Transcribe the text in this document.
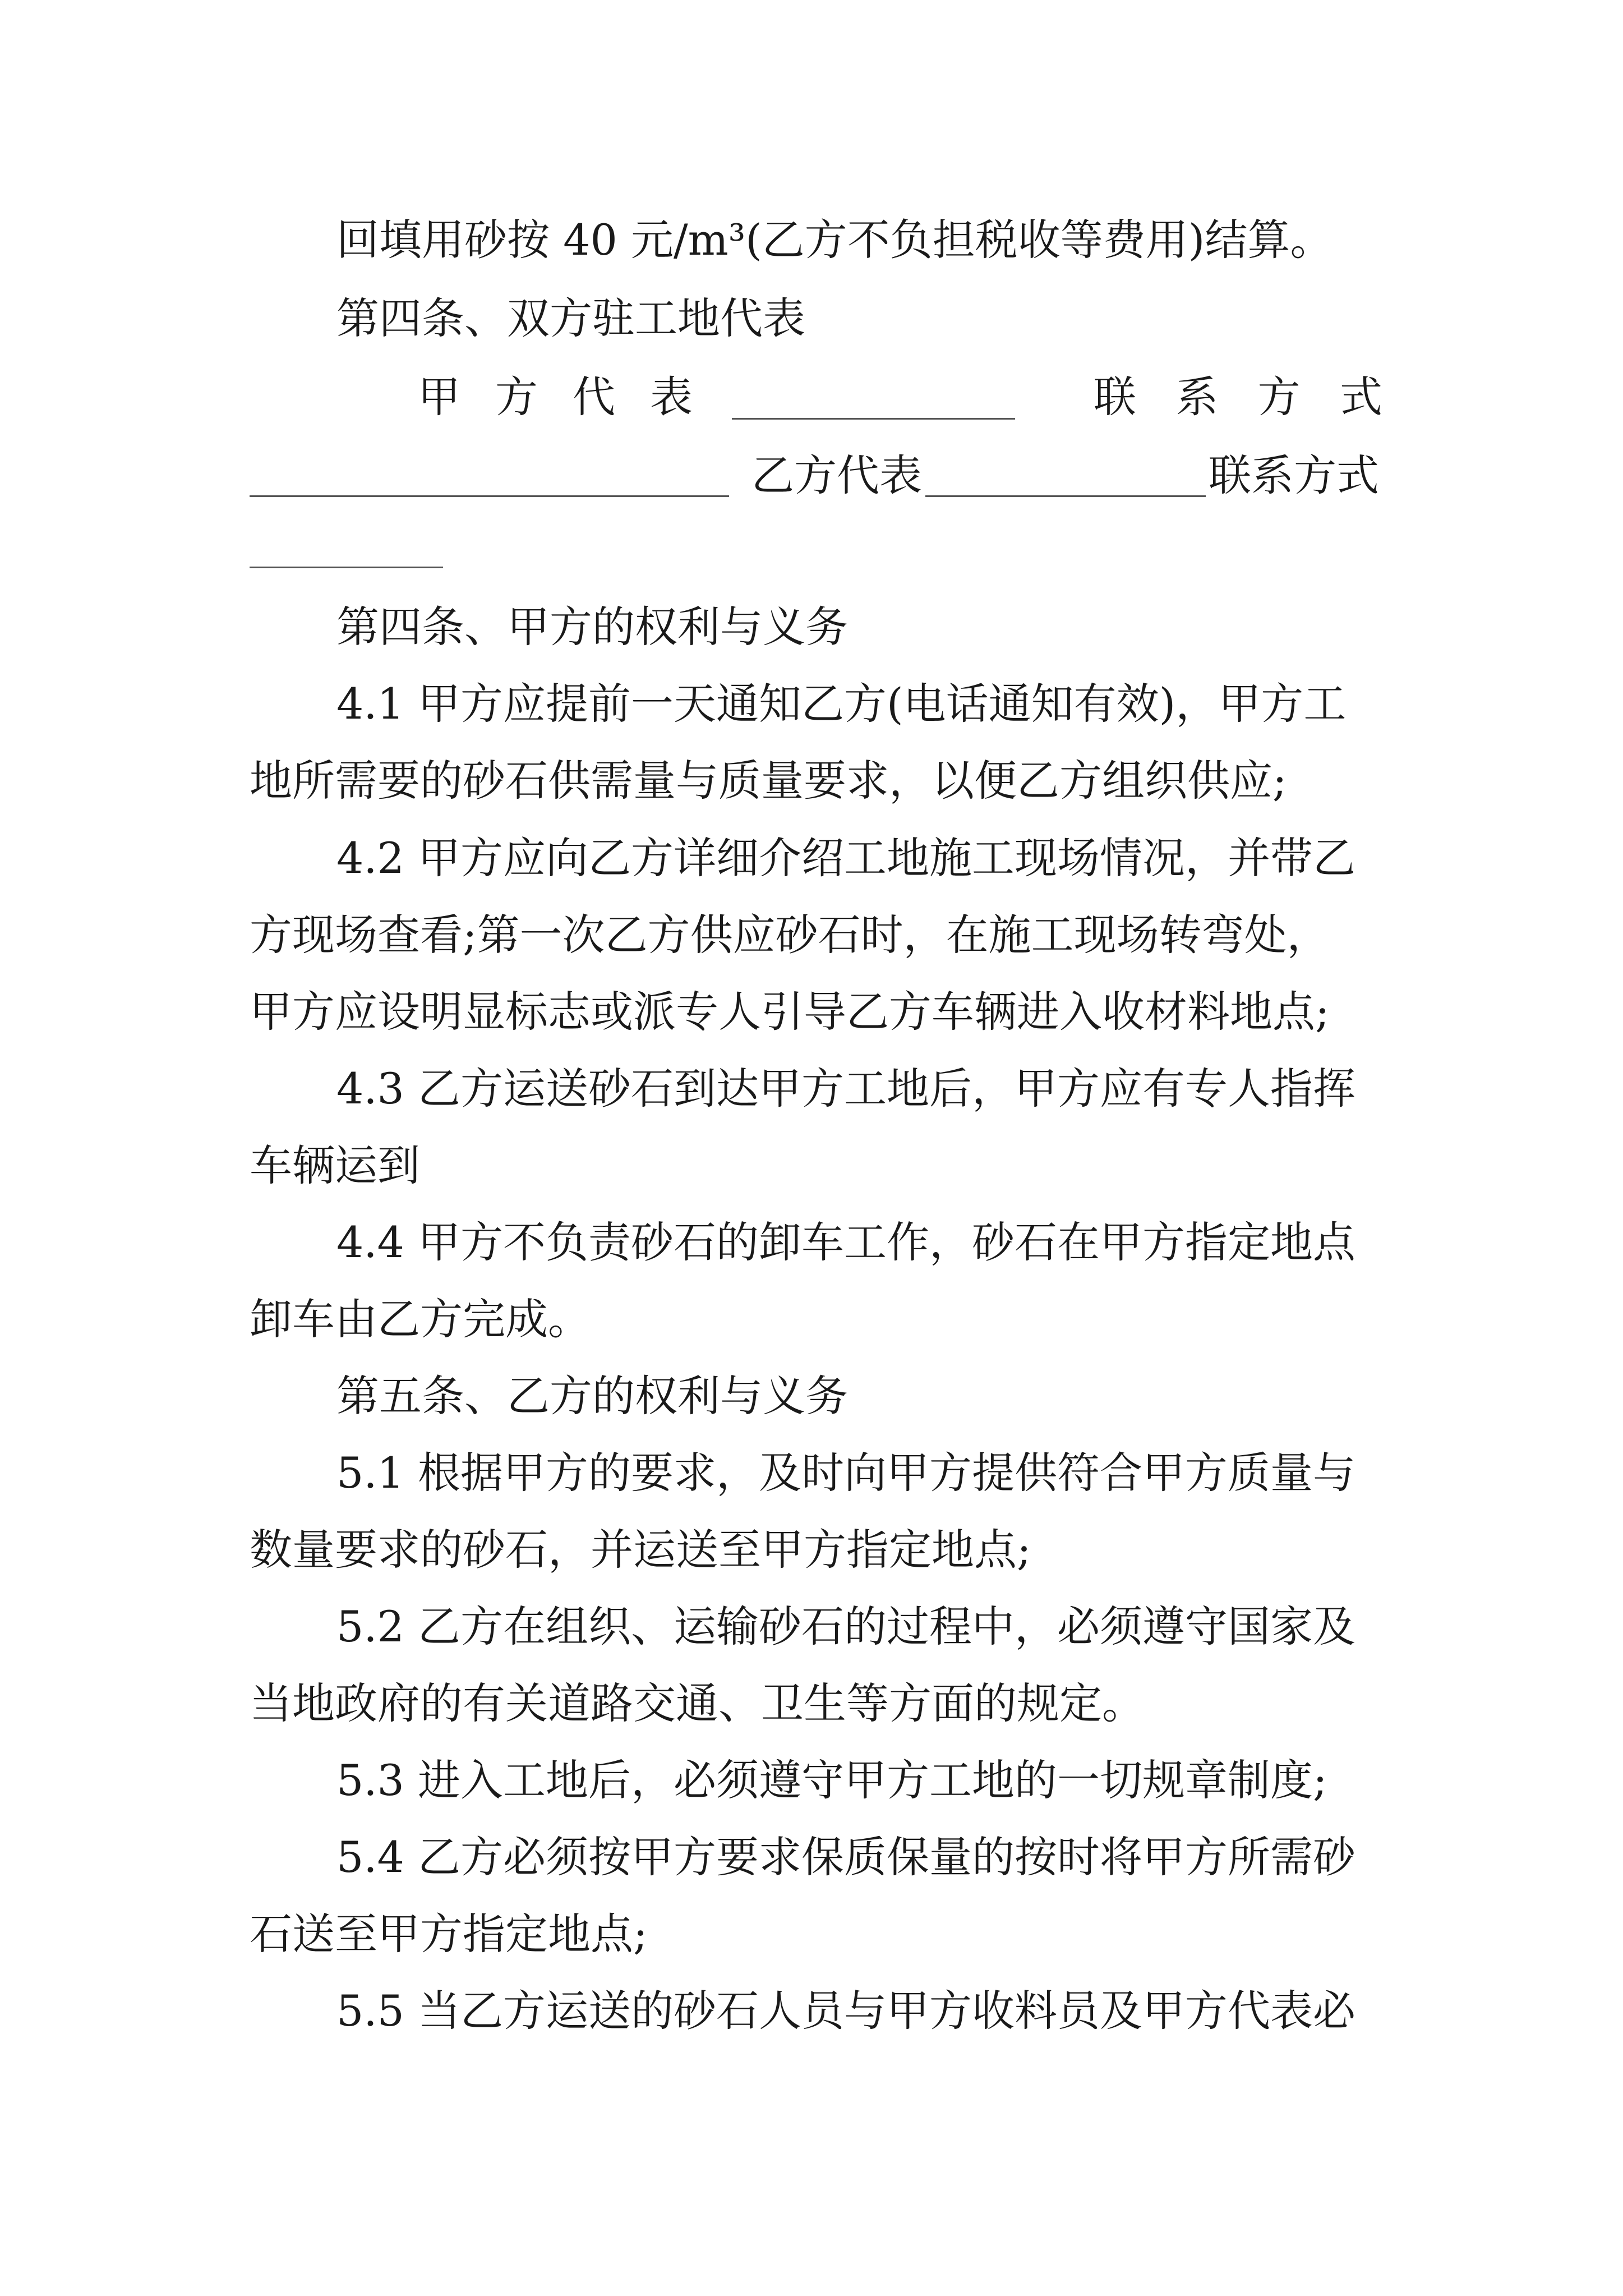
回填用砂按 40 元/m³(乙方不负担税收等费用)结算。
第四条、双方驻工地代表
甲 方 代 表	联 系 方 式
乙方代表	联系方式
第四条、甲方的权利与义务
4.1 甲方应提前一天通知乙方(电话通知有效)，甲方工
地所需要的砂石供需量与质量要求，以便乙方组织供应;
4.2 甲方应向乙方详细介绍工地施工现场情况，并带乙
方现场查看;第一次乙方供应砂石时，在施工现场转弯处，
甲方应设明显标志或派专人引导乙方车辆进入收材料地点;
4.3 乙方运送砂石到达甲方工地后，甲方应有专人指挥
车辆运到
4.4 甲方不负责砂石的卸车工作，砂石在甲方指定地点
卸车由乙方完成。
第五条、乙方的权利与义务
5.1 根据甲方的要求，及时向甲方提供符合甲方质量与
数量要求的砂石，并运送至甲方指定地点;
5.2 乙方在组织、运输砂石的过程中，必须遵守国家及
当地政府的有关道路交通、卫生等方面的规定。
5.3 进入工地后，必须遵守甲方工地的一切规章制度;
5.4 乙方必须按甲方要求保质保量的按时将甲方所需砂
石送至甲方指定地点;
5.5 当乙方运送的砂石人员与甲方收料员及甲方代表必
